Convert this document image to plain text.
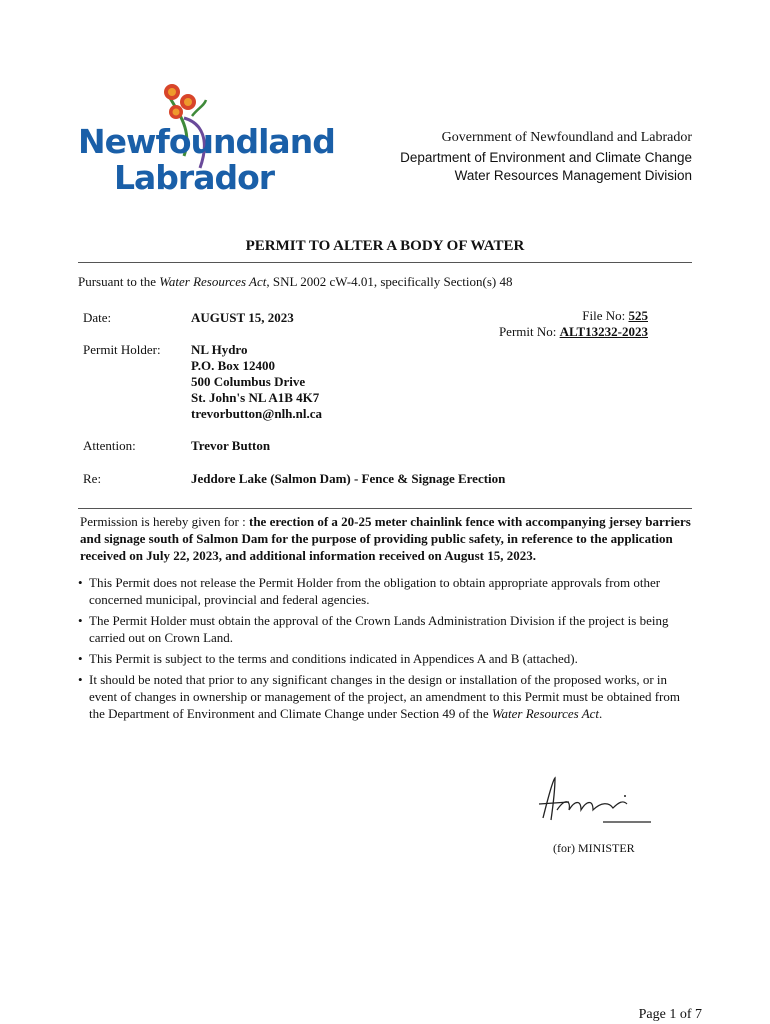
Newfoundland
Labrador
Government of Newfoundland and Labrador
Department of Environment and Climate Change
Water Resources Management Division
PERMIT TO ALTER A BODY OF WATER
Pursuant to the Water Resources Act, SNL 2002 cW-4.01, specifically Section(s) 48
Date:	AUGUST 15, 2023	File No: 525
Permit No: ALT13232-2023
Permit Holder: NL Hydro
P.O. Box 12400
500 Columbus Drive
St. John's NL A1B 4K7
trevorbutton@nlh.nl.ca
Attention:	Trevor Button
Re:	Jeddore Lake (Salmon Dam) - Fence & Signage Erection
Permission is hereby given for : the erection of a 20-25 meter chainlink fence with accompanying jersey barriers and signage south of Salmon Dam for the purpose of providing public safety, in reference to the application received on July 22, 2023, and additional information received on August 15, 2023.
• This Permit does not release the Permit Holder from the obligation to obtain appropriate approvals from other concerned municipal, provincial and federal agencies.
• The Permit Holder must obtain the approval of the Crown Lands Administration Division if the project is being carried out on Crown Land.
• This Permit is subject to the terms and conditions indicated in Appendices A and B (attached).
• It should be noted that prior to any significant changes in the design or installation of the proposed works, or in event of changes in ownership or management of the project, an amendment to this Permit must be obtained from the Department of Environment and Climate Change under Section 49 of the Water Resources Act.
(for) MINISTER
Page 1 of 7
